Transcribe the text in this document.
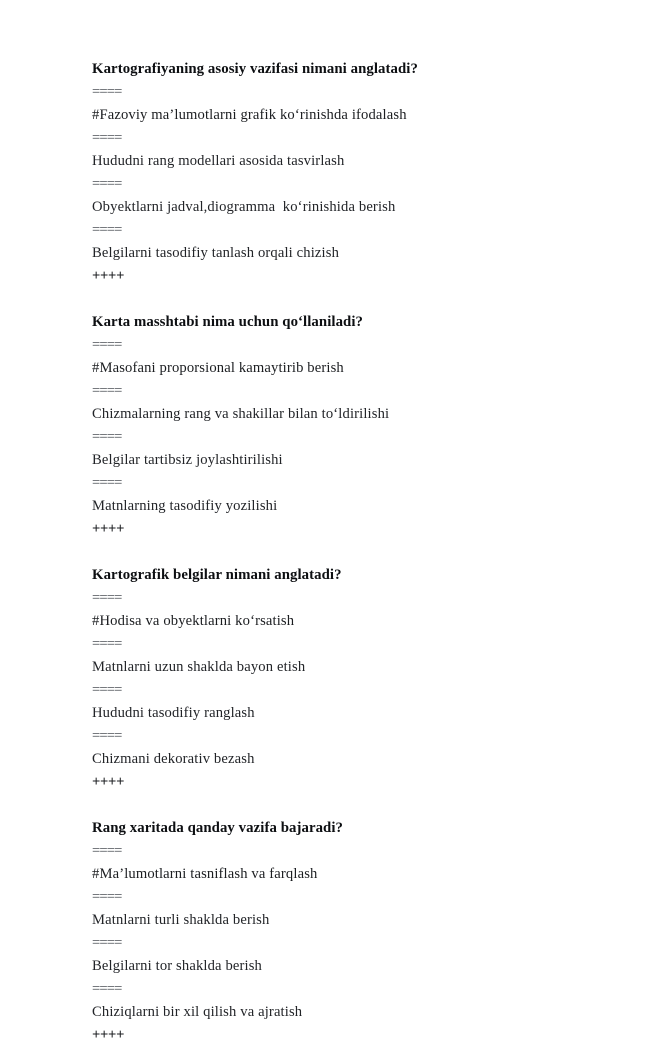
Kartografiyaning asosiy vazifasi nimani anglatadi?
====
#Fazoviy ma’lumotlarni grafik koʻrinishda ifodalash
====
Hududni rang modellari asosida tasvirlash
====
Obyektlarni jadval,diogramma  koʻrinishida berish
====
Belgilarni tasodifiy tanlash orqali chizish
++++
Karta masshtabi nima uchun qoʻllaniladi?
====
#Masofani proporsional kamaytirib berish
====
Chizmalarning rang va shakillar bilan toʻldirilishi
====
Belgilar tartibsiz joylashtirilishi
====
Matnlarning tasodifiy yozilishi
++++
Kartografik belgilar nimani anglatadi?
====
#Hodisa va obyektlarni koʻrsatish
====
Matnlarni uzun shaklda bayon etish
====
Hududni tasodifiy ranglash
====
Chizmani dekorativ bezash
++++
Rang xaritada qanday vazifa bajaradi?
====
#Ma’lumotlarni tasniflash va farqlash
====
Matnlarni turli shaklda berish
====
Belgilarni tor shaklda berish
====
Chiziqlarni bir xil qilish va ajratish
++++
